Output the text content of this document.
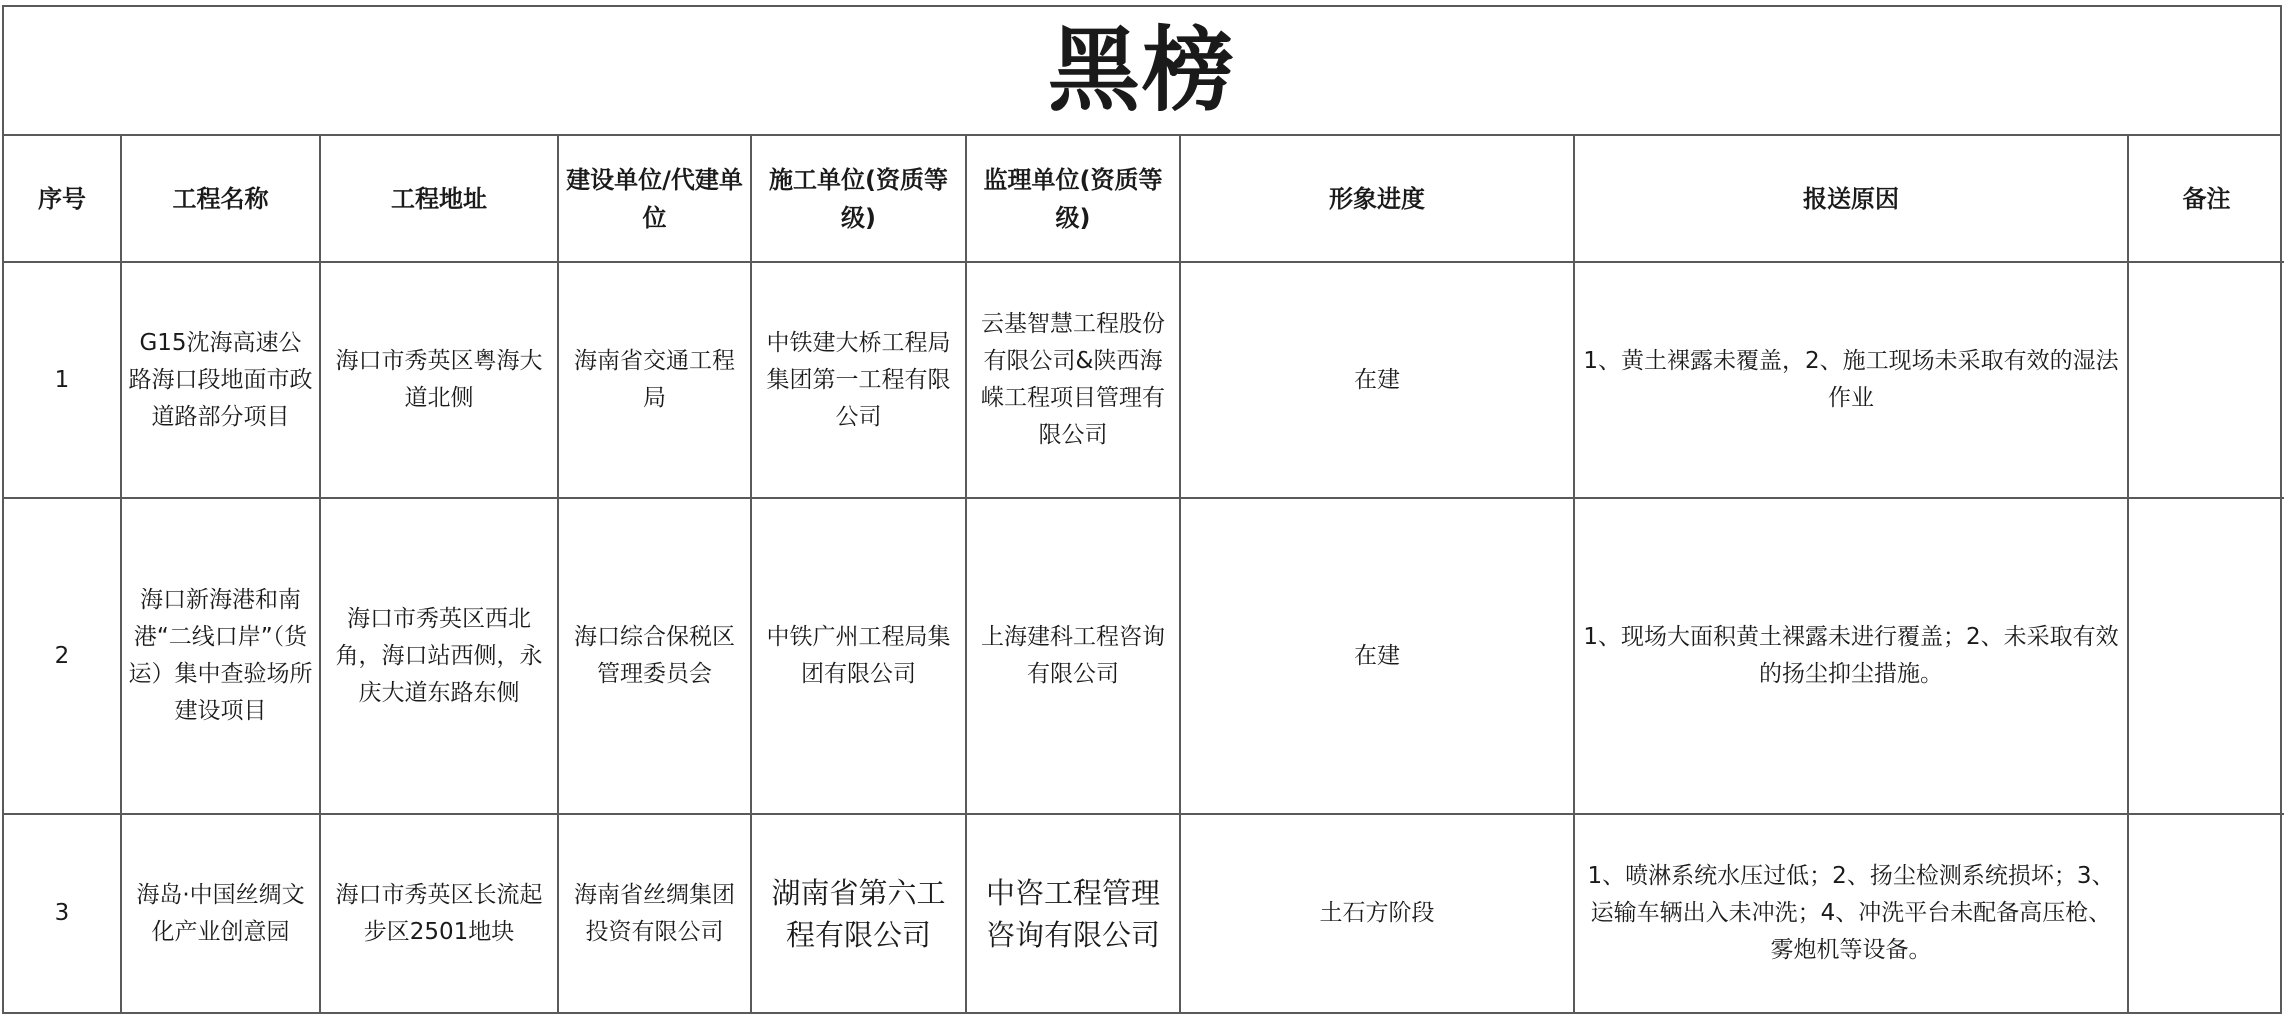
黑榜
序号	工程名称	工程地址	建设单位/代建单位	施工单位(资质等级)	监理单位(资质等级)	形象进度	报送原因	备注
1	G15沈海高速公路海口段地面市政道路部分项目	海口市秀英区粤海大道北侧	海南省交通工程局	中铁建大桥工程局集团第一工程有限公司	云基智慧工程股份有限公司&陕西海嵘工程项目管理有限公司	在建	1、黄土裸露未覆盖，2、施工现场未采取有效的湿法作业	
2	海口新海港和南港“二线口岸”（货运）集中查验场所建设项目	海口市秀英区西北角，海口站西侧，永庆大道东路东侧	海口综合保税区管理委员会	中铁广州工程局集团有限公司	上海建科工程咨询有限公司	在建	1、现场大面积黄土裸露未进行覆盖；2、未采取有效的扬尘抑尘措施。	
3	海岛·中国丝绸文化产业创意园	海口市秀英区长流起步区2501地块	海南省丝绸集团投资有限公司	湖南省第六工程有限公司	中咨工程管理咨询有限公司	土石方阶段	1、喷淋系统水压过低；2、扬尘检测系统损坏；3、运输车辆出入未冲洗；4、冲洗平台未配备高压枪、雾炮机等设备。	
